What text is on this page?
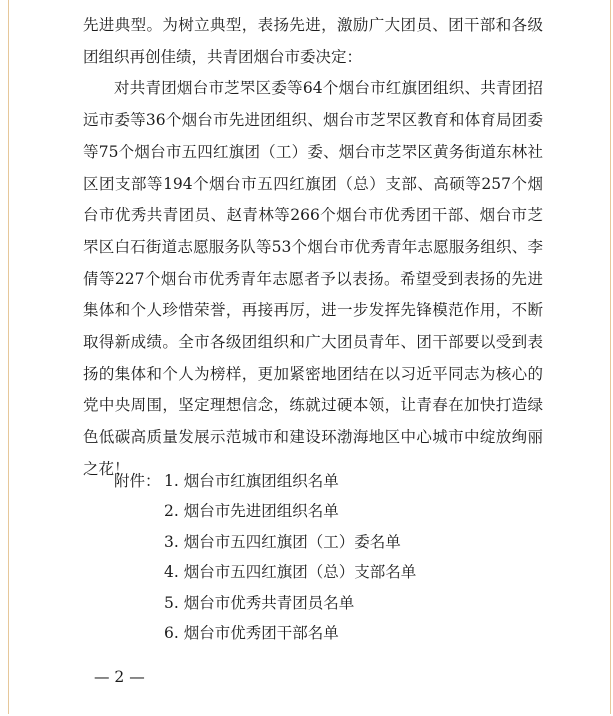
先进典型。为树立典型，表扬先进，激励广大团员、团干部和各级团组织再创佳绩，共青团烟台市委决定：

对共青团烟台市芝罘区委等64个烟台市红旗团组织、共青团招远市委等36个烟台市先进团组织、烟台市芝罘区教育和体育局团委等75个烟台市五四红旗团（工）委、烟台市芝罘区黄务街道东林社区团支部等194个烟台市五四红旗团（总）支部、高硕等257个烟台市优秀共青团员、赵青林等266个烟台市优秀团干部、烟台市芝罘区白石街道志愿服务队等53个烟台市优秀青年志愿服务组织、李倩等227个烟台市优秀青年志愿者予以表扬。希望受到表扬的先进集体和个人珍惜荣誉，再接再厉，进一步发挥先锋模范作用，不断取得新成绩。全市各级团组织和广大团员青年、团干部要以受到表扬的集体和个人为榜样，更加紧密地团结在以习近平同志为核心的党中央周围，坚定理想信念，练就过硬本领，让青春在加快打造绿色低碳高质量发展示范城市和建设环渤海地区中心城市中绽放绚丽之花！

附件： 1. 烟台市红旗团组织名单
2. 烟台市先进团组织名单
3. 烟台市五四红旗团（工）委名单
4. 烟台市五四红旗团（总）支部名单
5. 烟台市优秀共青团员名单
6. 烟台市优秀团干部名单
— 2 —
